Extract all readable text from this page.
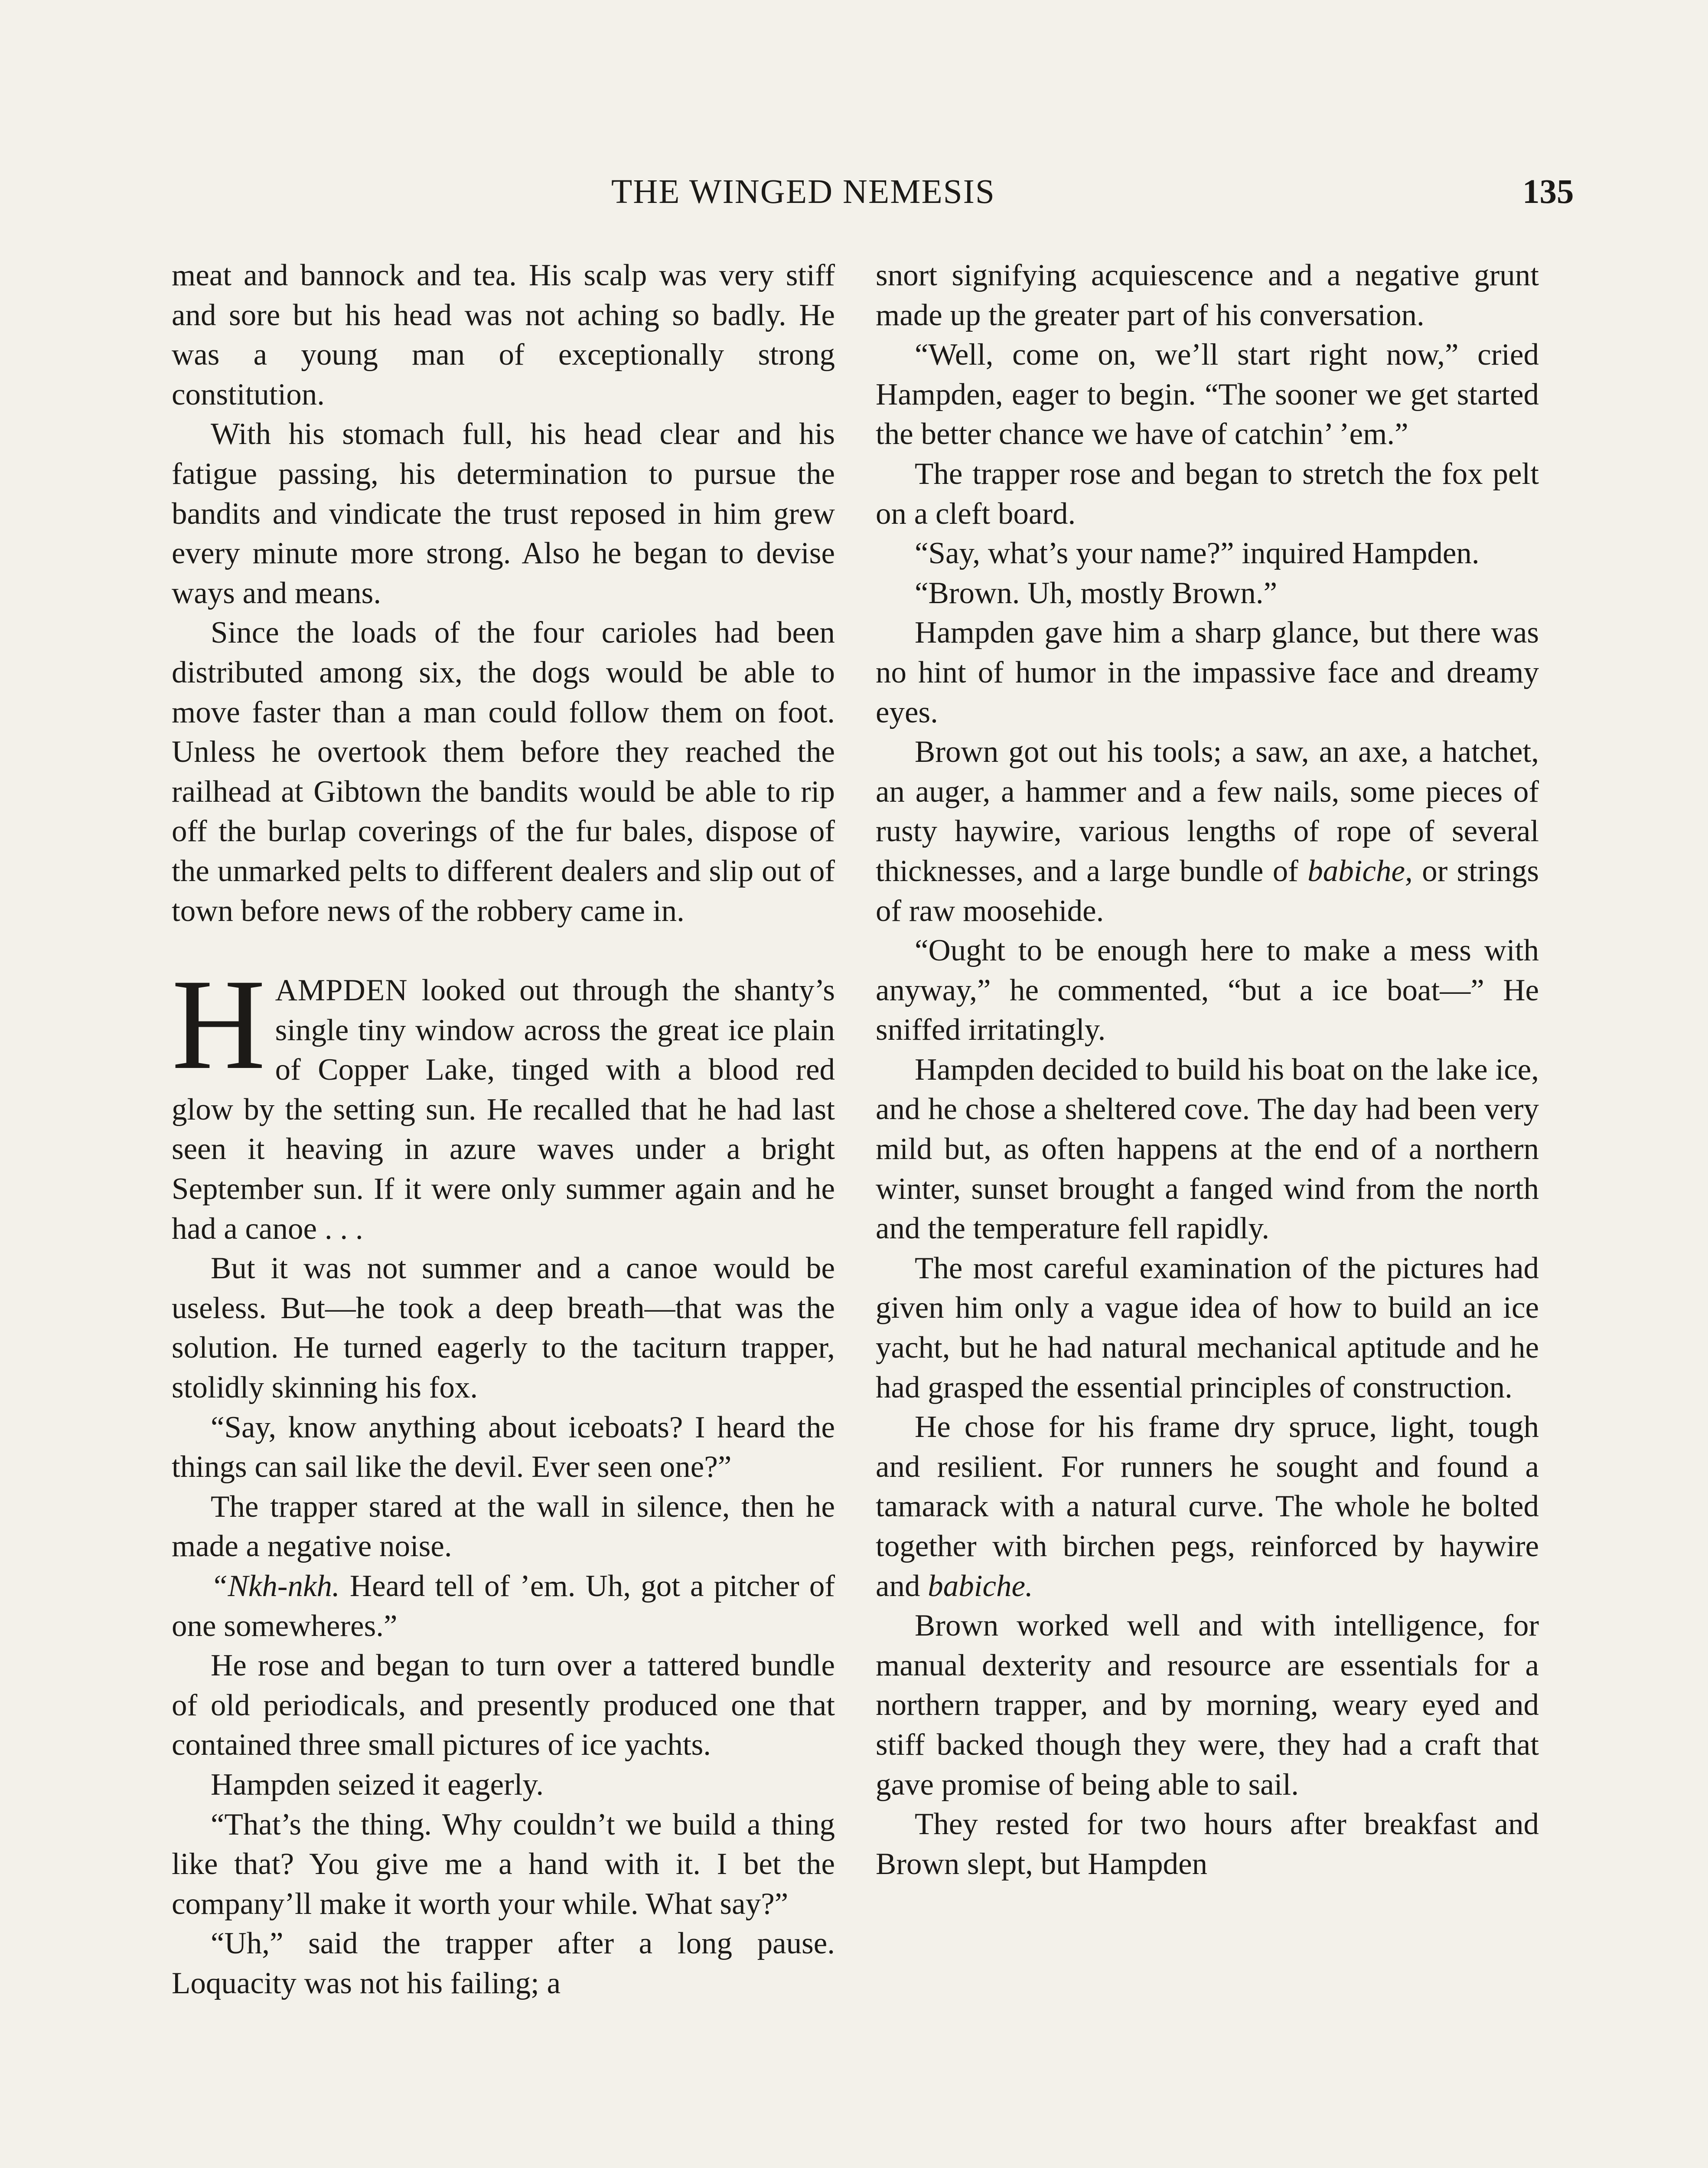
THE WINGED NEMESIS	135

meat and bannock and tea. His scalp was very stiff and sore but his head was not aching so badly. He was a young man of exceptionally strong constitution.

With his stomach full, his head clear and his fatigue passing, his determination to pursue the bandits and vindicate the trust reposed in him grew every minute more strong. Also he began to devise ways and means.

Since the loads of the four carioles had been distributed among six, the dogs would be able to move faster than a man could follow them on foot. Unless he overtook them before they reached the railhead at Gibtown the bandits would be able to rip off the burlap coverings of the fur bales, dispose of the unmarked pelts to different dealers and slip out of town before news of the robbery came in.

HAMPDEN looked out through the shanty’s single tiny window across the great ice plain of Copper Lake, tinged with a blood red glow by the setting sun. He recalled that he had last seen it heaving in azure waves under a bright September sun. If it were only summer again and he had a canoe . . .

But it was not summer and a canoe would be useless. But—he took a deep breath—that was the solution. He turned eagerly to the taciturn trapper, stolidly skinning his fox.

“Say, know anything about iceboats? I heard the things can sail like the devil. Ever seen one?”

The trapper stared at the wall in silence, then he made a negative noise.

“Nkh-nkh. Heard tell of ’em. Uh, got a pitcher of one somewheres.”

He rose and began to turn over a tattered bundle of old periodicals, and presently produced one that contained three small pictures of ice yachts.

Hampden seized it eagerly.

“That’s the thing. Why couldn’t we build a thing like that? You give me a hand with it. I bet the company’ll make it worth your while. What say?”

“Uh,” said the trapper after a long pause. Loquacity was not his failing; a

snort signifying acquiescence and a negative grunt made up the greater part of his conversation.

“Well, come on, we’ll start right now,” cried Hampden, eager to begin. “The sooner we get started the better chance we have of catchin’ ’em.”

The trapper rose and began to stretch the fox pelt on a cleft board.

“Say, what’s your name?” inquired Hampden.

“Brown. Uh, mostly Brown.”

Hampden gave him a sharp glance, but there was no hint of humor in the impassive face and dreamy eyes.

Brown got out his tools; a saw, an axe, a hatchet, an auger, a hammer and a few nails, some pieces of rusty haywire, various lengths of rope of several thicknesses, and a large bundle of babiche, or strings of raw moosehide.

“Ought to be enough here to make a mess with anyway,” he commented, “but a ice boat—” He sniffed irritatingly.

Hampden decided to build his boat on the lake ice, and he chose a sheltered cove. The day had been very mild but, as often happens at the end of a northern winter, sunset brought a fanged wind from the north and the temperature fell rapidly.

The most careful examination of the pictures had given him only a vague idea of how to build an ice yacht, but he had natural mechanical aptitude and he had grasped the essential principles of construction.

He chose for his frame dry spruce, light, tough and resilient. For runners he sought and found a tamarack with a natural curve. The whole he bolted together with birchen pegs, reinforced by haywire and babiche.

Brown worked well and with intelligence, for manual dexterity and resource are essentials for a northern trapper, and by morning, weary eyed and stiff backed though they were, they had a craft that gave promise of being able to sail.

They rested for two hours after breakfast and Brown slept, but Hampden
